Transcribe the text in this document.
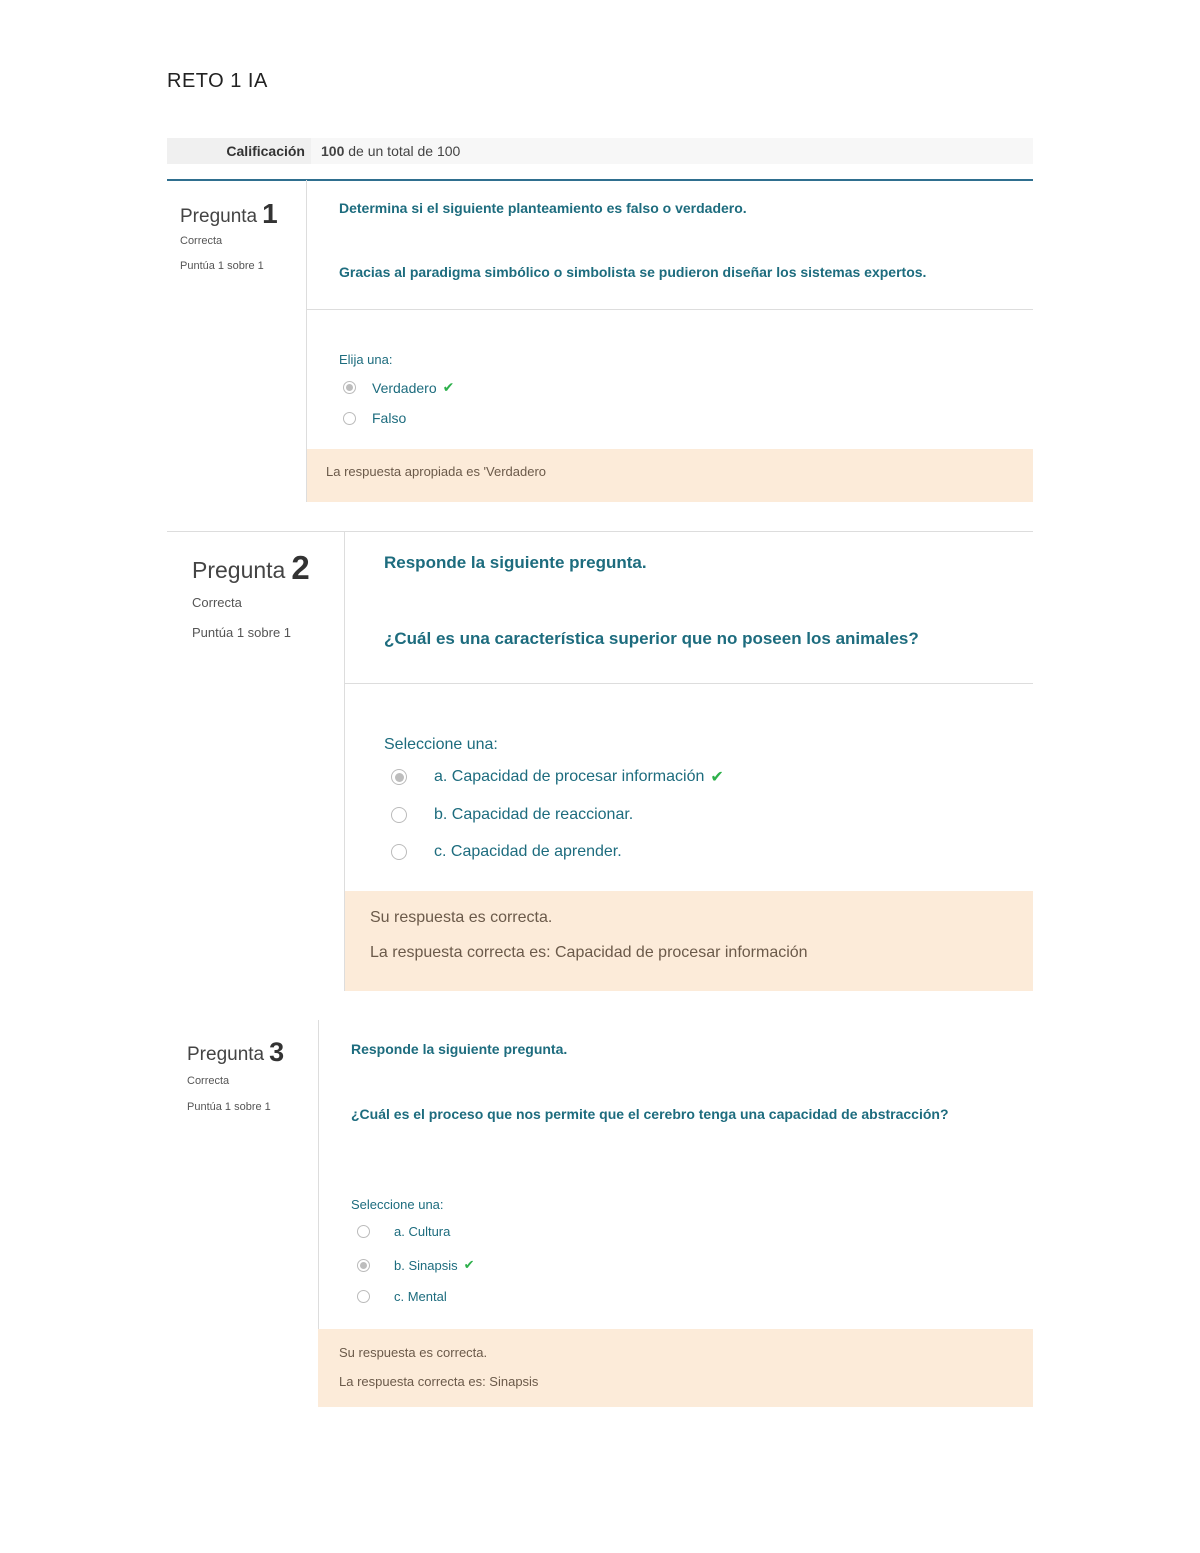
RETO 1 IA
Calificación	100 de un total de 100
Pregunta 1
Correcta
Puntúa 1 sobre 1
Determina si el siguiente planteamiento es falso o verdadero.
Gracias al paradigma simbólico o simbolista se pudieron diseñar los sistemas expertos.
Elija una:
Verdadero ✔
Falso
La respuesta apropiada es 'Verdadero
Pregunta 2
Correcta
Puntúa 1 sobre 1
Responde la siguiente pregunta.
¿Cuál es una característica superior que no poseen los animales?
Seleccione una:
a. Capacidad de procesar información ✔
b. Capacidad de reaccionar.
c. Capacidad de aprender.
Su respuesta es correcta.
La respuesta correcta es: Capacidad de procesar información
Pregunta 3
Correcta
Puntúa 1 sobre 1
Responde la siguiente pregunta.
¿Cuál es el proceso que nos permite que el cerebro tenga una capacidad de abstracción?
Seleccione una:
a. Cultura
b. Sinapsis ✔
c. Mental
Su respuesta es correcta.
La respuesta correcta es: Sinapsis
